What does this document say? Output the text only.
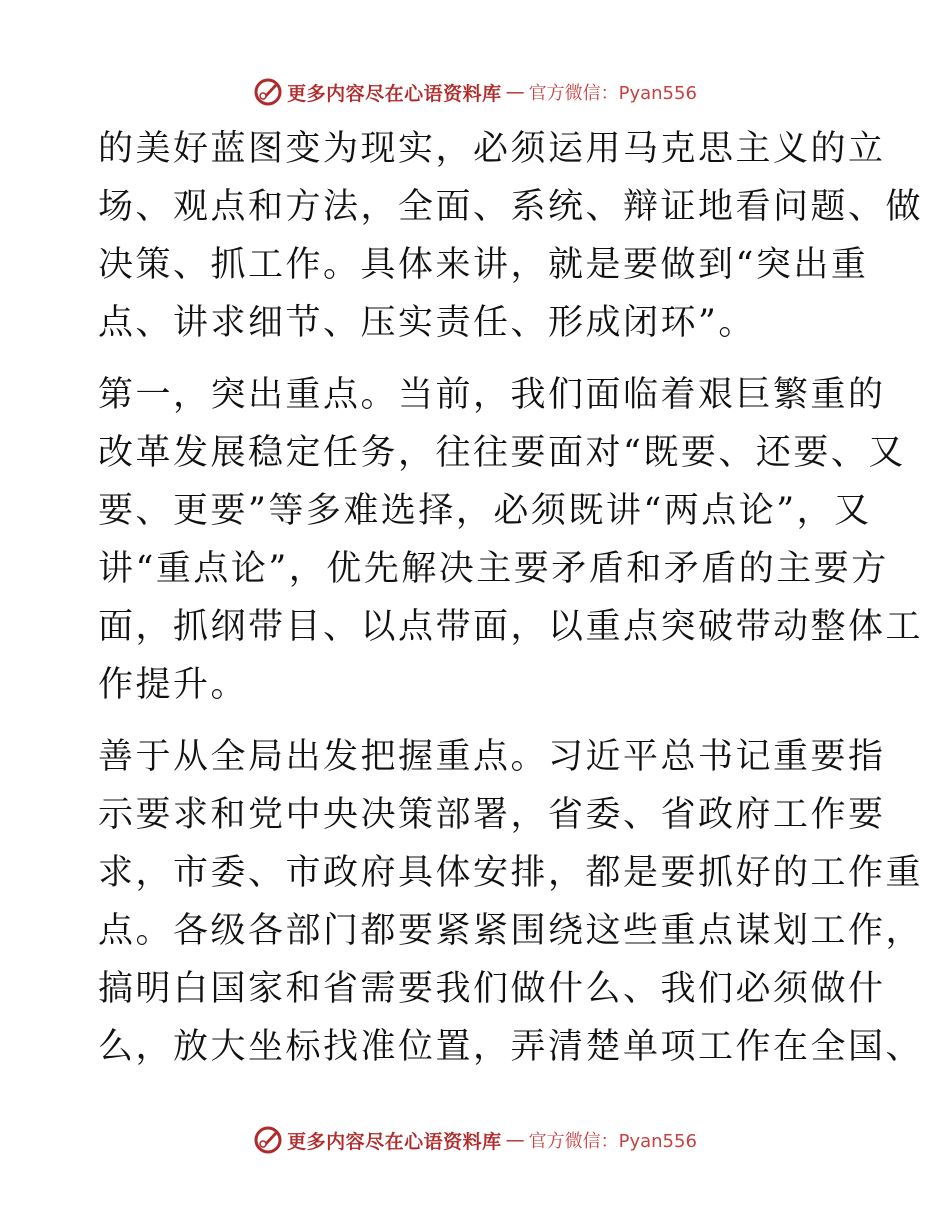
更多内容尽在心语资料库 — 官方微信：Pyan556
的美好蓝图变为现实，必须运用马克思主义的立
场、观点和方法，全面、系统、辩证地看问题、做
决策、抓工作。具体来讲，就是要做到“突出重
点、讲求细节、压实责任、形成闭环”。
第一，突出重点。当前，我们面临着艰巨繁重的
改革发展稳定任务，往往要面对“既要、还要、又
要、更要”等多难选择，必须既讲“两点论”，又
讲“重点论”，优先解决主要矛盾和矛盾的主要方
面，抓纲带目、以点带面，以重点突破带动整体工
作提升。
善于从全局出发把握重点。习近平总书记重要指
示要求和党中央决策部署，省委、省政府工作要
求，市委、市政府具体安排，都是要抓好的工作重
点。各级各部门都要紧紧围绕这些重点谋划工作，
搞明白国家和省需要我们做什么、我们必须做什
么，放大坐标找准位置，弄清楚单项工作在全国、
更多内容尽在心语资料库 — 官方微信：Pyan556
